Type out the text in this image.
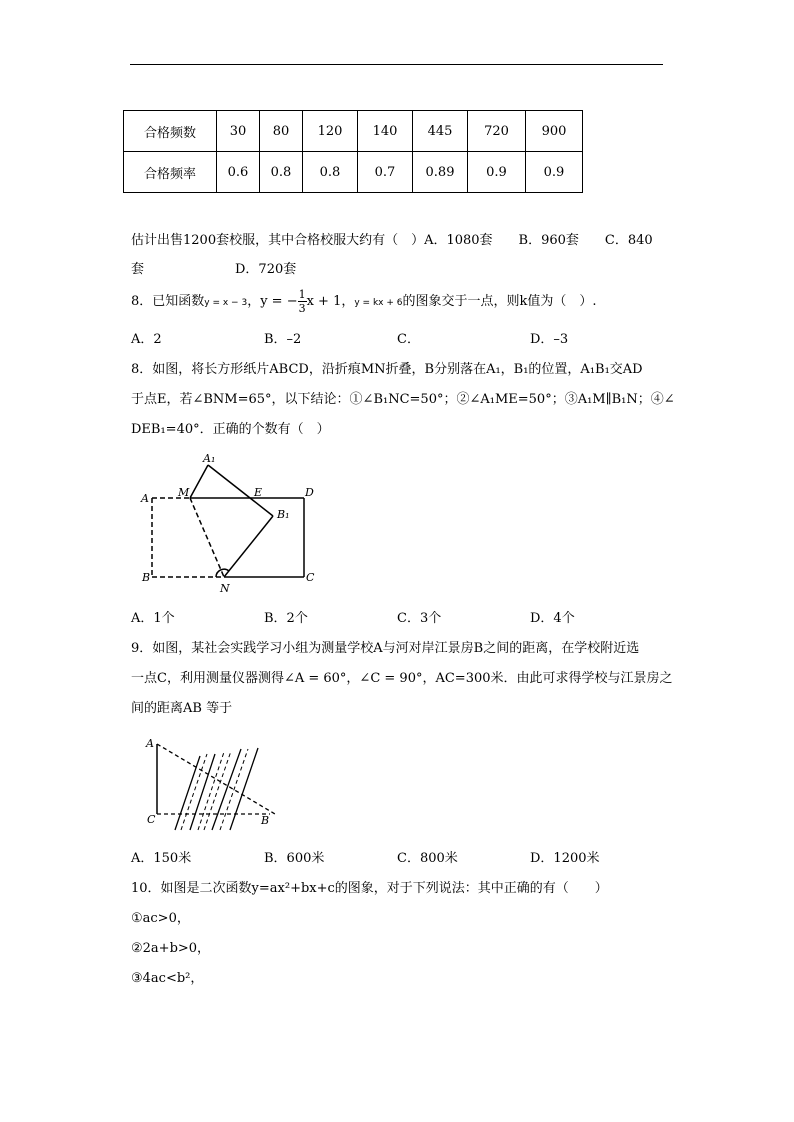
合格频数	30	80	120	140	445	720	900
合格频率	0.6	0.8	0.8	0.7	0.89	0.9	0.9
估计出售1200套校服，其中合格校服大约有（　）A．1080套　　B．960套　　C．840
套　　　　　　　D．720套
8．已知函数y = x − 3，y = − $\frac{1}{3}$ x + 1，y = kx + 6的图象交于一点，则k值为（　）.
A．2	B．–2	C．	D．–3
8．如图，将长方形纸片ABCD，沿折痕MN折叠，B分别落在A₁，B₁的位置，A₁B₁交AD
于点E，若∠BNM=65°，以下结论：①∠B₁NC=50°；②∠A₁ME=50°；③A₁M∥B₁N；④∠
DEB₁=40°．正确的个数有（　）
A	M	E	D
A₁
B₁
B
N
C
A．1个	B．2个	C．3个	D．4个
9．如图，某社会实践学习小组为测量学校A与河对岸江景房B之间的距离，在学校附近选
一点C，利用测量仪器测得∠A = 60°，∠C = 90°，AC=300米．由此可求得学校与江景房之
间的距离AB 等于
A
C	B
A．150米	B．600米	C．800米	D．1200米
10．如图是二次函数y=ax²+bx+c的图象，对于下列说法：其中正确的有（　　）
①ac>0，
②2a+b>0，
③4ac<b²，
